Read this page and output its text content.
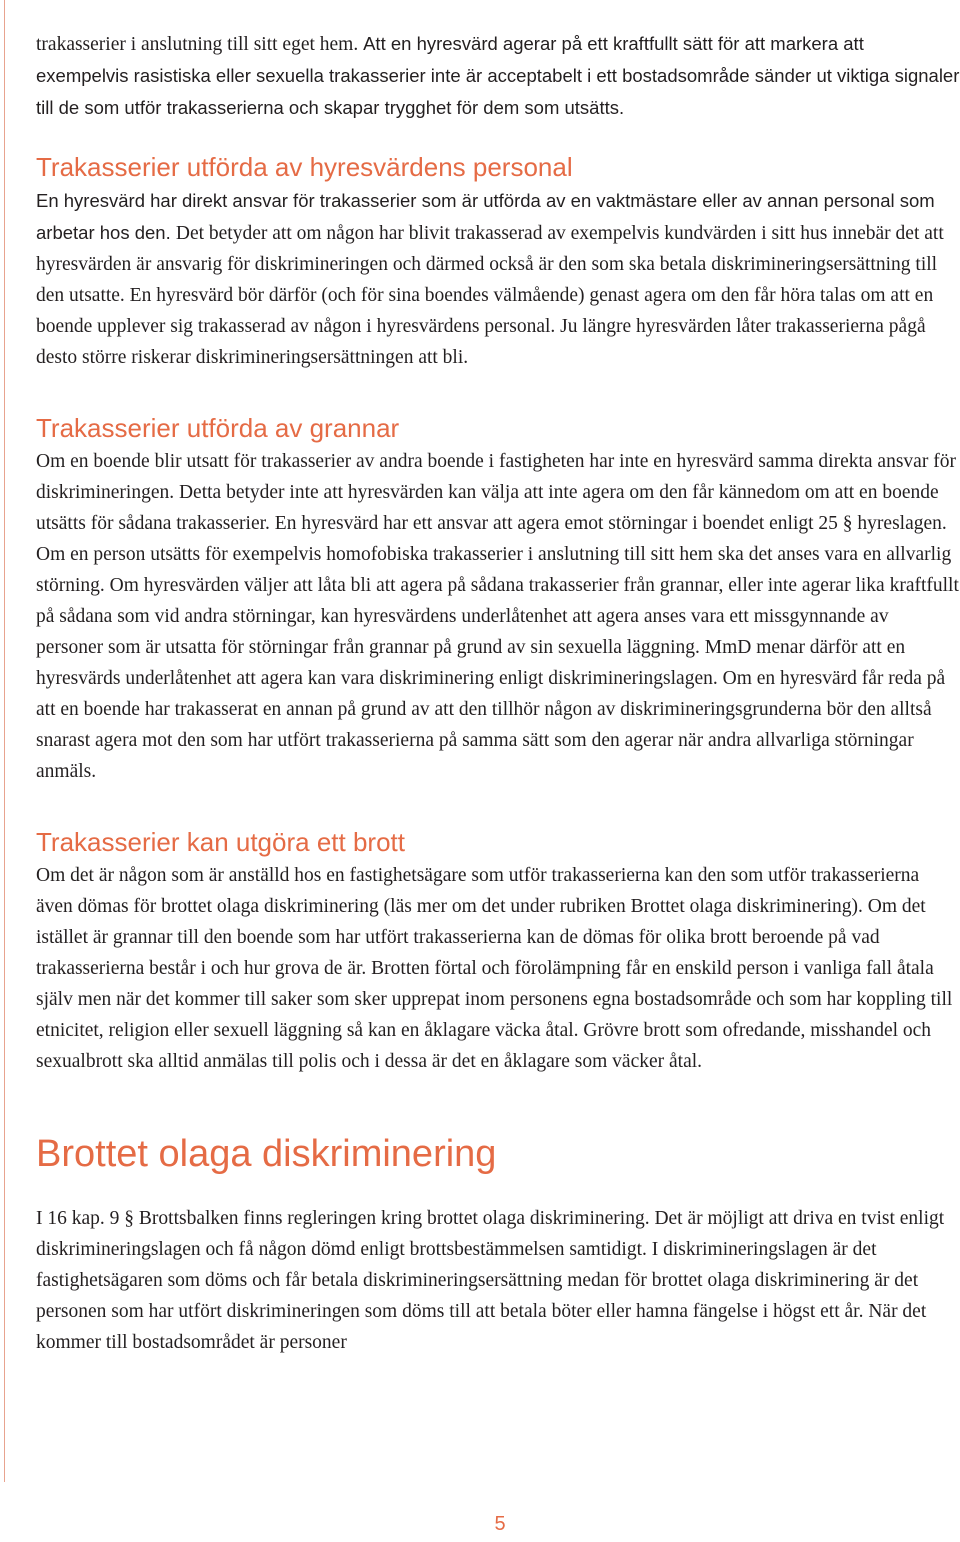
trakasserier i anslutning till sitt eget hem. Att en hyresvärd agerar på ett kraftfullt sätt för att markera att exempelvis rasistiska eller sexuella trakasserier inte är acceptabelt i ett bostadsområde sänder ut viktiga signaler till de som utför trakasserierna och skapar trygghet för dem som utsätts.

Trakasserier utförda av hyresvärdens personal

En hyresvärd har direkt ansvar för trakasserier som är utförda av en vaktmästare eller av annan personal som arbetar hos den. Det betyder att om någon har blivit trakasserad av exempelvis kundvärden i sitt hus innebär det att hyresvärden är ansvarig för diskrimineringen och därmed också är den som ska betala diskrimineringsersättning till den utsatte. En hyresvärd bör därför (och för sina boendes välmående) genast agera om den får höra talas om att en boende upplever sig trakasserad av någon i hyresvärdens personal. Ju längre hyresvärden låter trakasserierna pågå desto större riskerar diskrimineringsersättningen att bli.

Trakasserier utförda av grannar

Om en boende blir utsatt för trakasserier av andra boende i fastigheten har inte en hyresvärd samma direkta ansvar för diskrimineringen. Detta betyder inte att hyresvärden kan välja att inte agera om den får kännedom om att en boende utsätts för sådana trakasserier. En hyresvärd har ett ansvar att agera emot störningar i boendet enligt 25 § hyreslagen. Om en person utsätts för exempelvis homofobiska trakasserier i anslutning till sitt hem ska det anses vara en allvarlig störning. Om hyresvärden väljer att låta bli att agera på sådana trakasserier från grannar, eller inte agerar lika kraftfullt på sådana som vid andra störningar, kan hyresvärdens underlåtenhet att agera anses vara ett missgynnande av personer som är utsatta för störningar från grannar på grund av sin sexuella läggning. MmD menar därför att en hyresvärds underlåtenhet att agera kan vara diskriminering enligt diskrimineringslagen. Om en hyresvärd får reda på att en boende har trakasserat en annan på grund av att den tillhör någon av diskrimineringsgrunderna bör den alltså snarast agera mot den som har utfört trakasserierna på samma sätt som den agerar när andra allvarliga störningar anmäls.

Trakasserier kan utgöra ett brott

Om det är någon som är anställd hos en fastighetsägare som utför trakasserierna kan den som utför trakasserierna även dömas för brottet olaga diskriminering (läs mer om det under rubriken Brottet olaga diskriminering). Om det istället är grannar till den boende som har utfört trakasserierna kan de dömas för olika brott beroende på vad trakasserierna består i och hur grova de är. Brotten förtal och förolämpning får en enskild person i vanliga fall åtala själv men när det kommer till saker som sker upprepat inom personens egna bostadsområde och som har koppling till etnicitet, religion eller sexuell läggning så kan en åklagare väcka åtal. Grövre brott som ofredande, misshandel och sexualbrott ska alltid anmälas till polis och i dessa är det en åklagare som väcker åtal.

Brottet olaga diskriminering

I 16 kap. 9 § Brottsbalken finns regleringen kring brottet olaga diskriminering. Det är möjligt att driva en tvist enligt diskrimineringslagen och få någon dömd enligt brottsbestämmelsen samtidigt. I diskrimineringslagen är det fastighetsägaren som döms och får betala diskrimineringsersättning medan för brottet olaga diskriminering är det personen som har utfört diskrimineringen som döms till att betala böter eller hamna fängelse i högst ett år. När det kommer till bostadsområdet är personer

5
